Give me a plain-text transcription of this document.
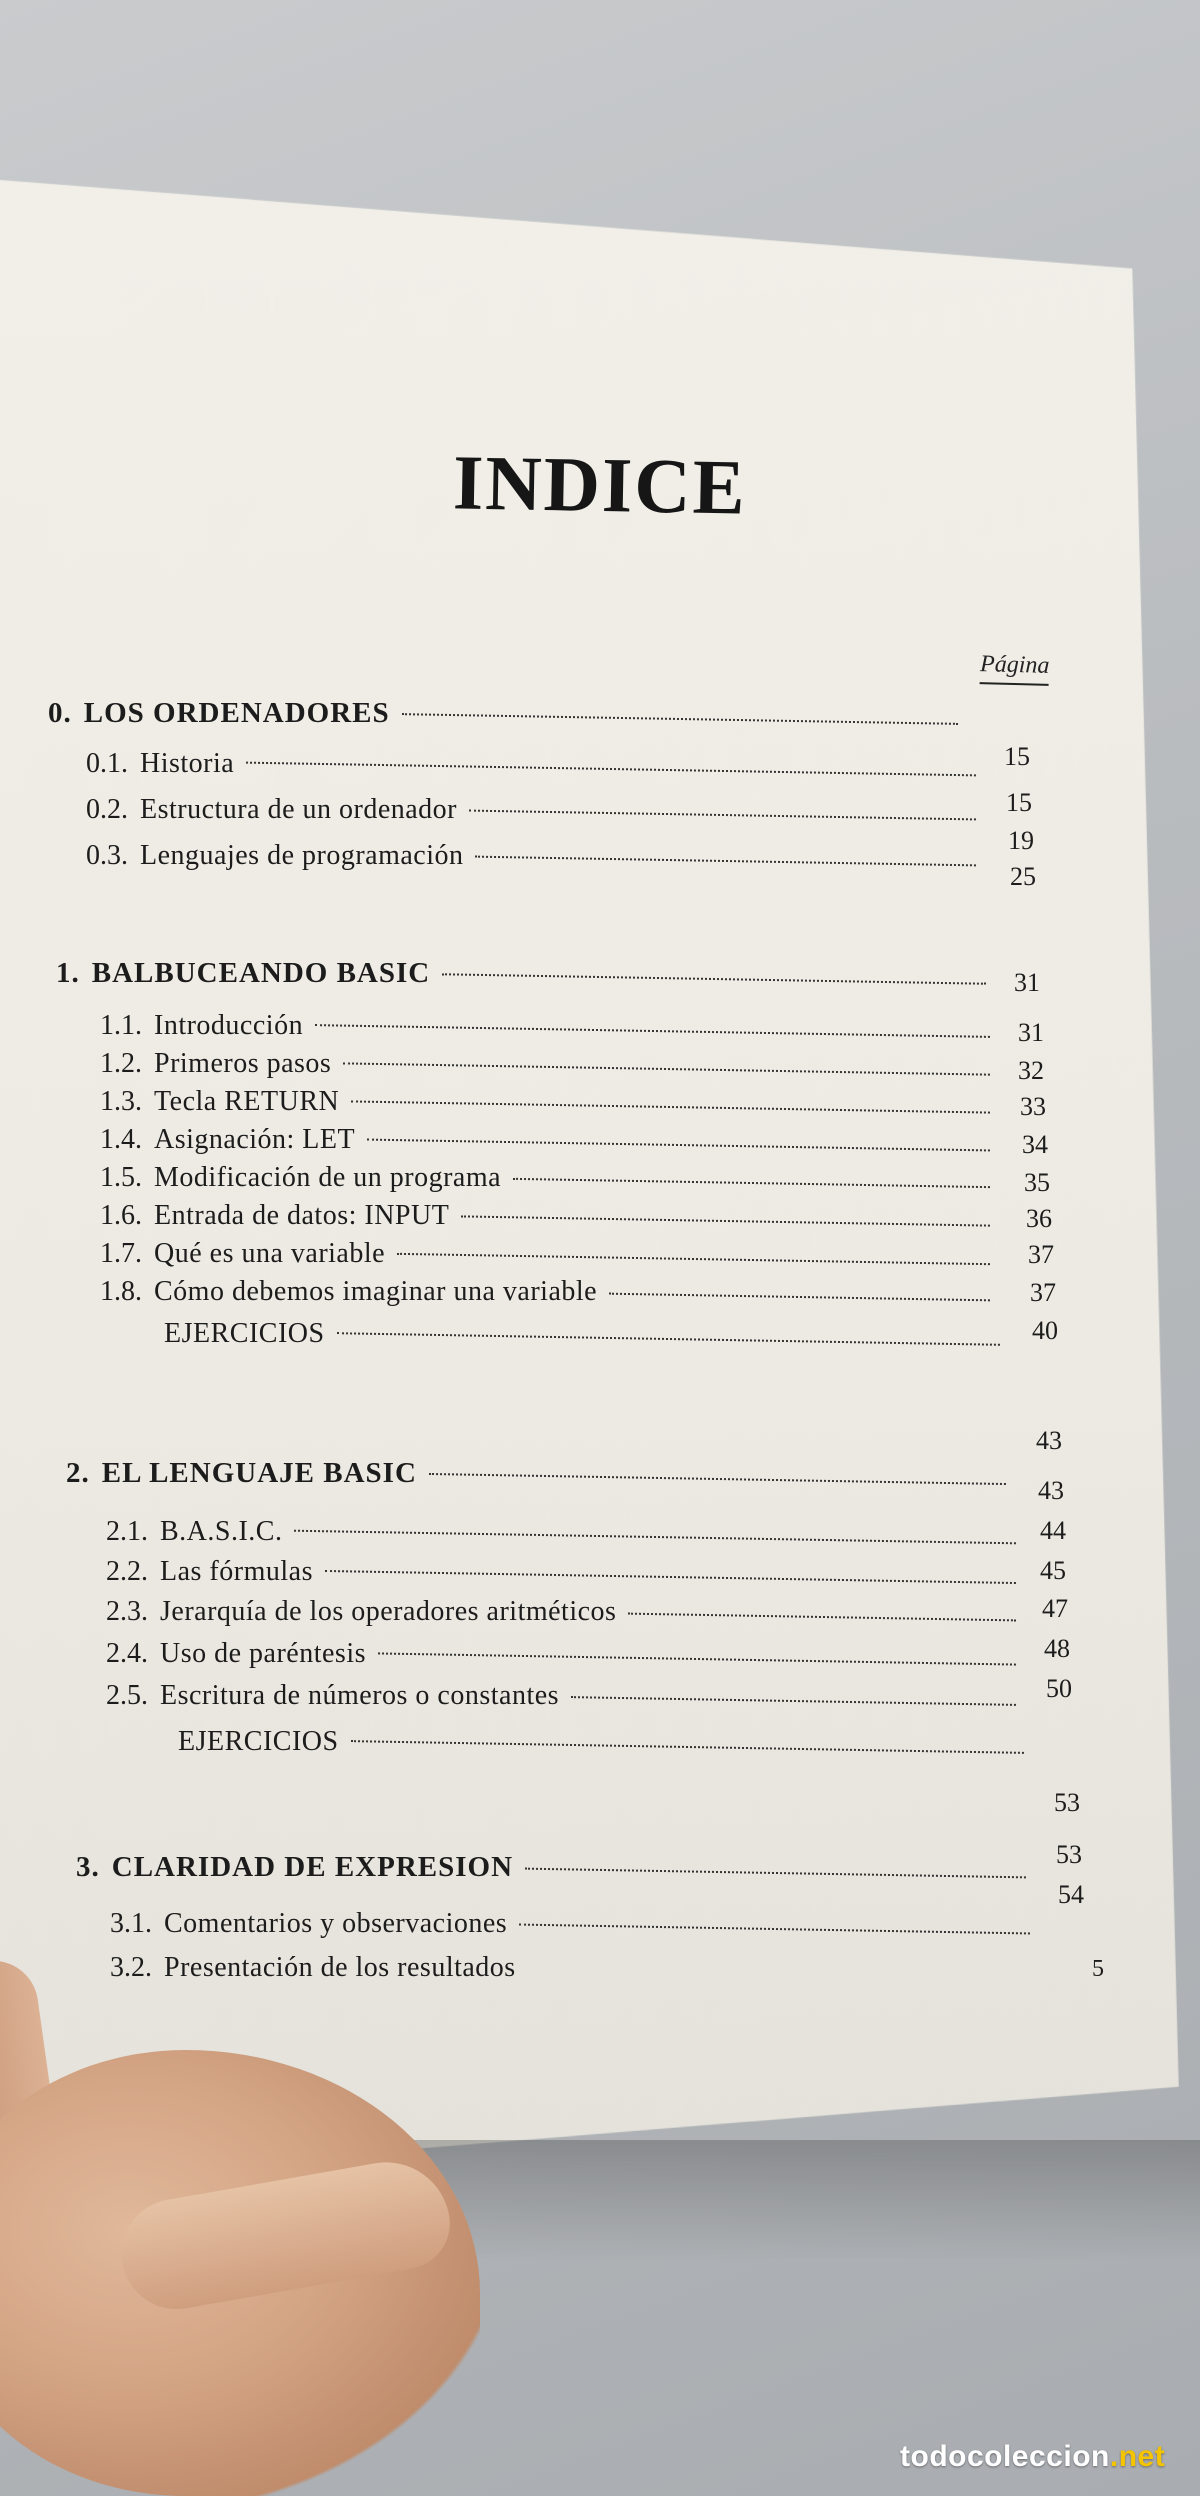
INDICE
Página
0. LOS ORDENADORES
0.1. Historia
0.2. Estructura de un ordenador
0.3. Lenguajes de programación
1. BALBUCEANDO BASIC
1.1. Introducción
1.2. Primeros pasos
1.3. Tecla RETURN
1.4. Asignación: LET
1.5. Modificación de un programa
1.6. Entrada de datos: INPUT
1.7. Qué es una variable
1.8. Cómo debemos imaginar una variable
EJERCICIOS
2. EL LENGUAJE BASIC
2.1. B.A.S.I.C.
2.2. Las fórmulas
2.3. Jerarquía de los operadores aritméticos
2.4. Uso de paréntesis
2.5. Escritura de números o constantes
EJERCICIOS
3. CLARIDAD DE EXPRESION
3.1. Comentarios y observaciones
3.2. Presentación de los resultados
15
15
19
25
31
31
32
33
34
35
36
37
37
40
43
43
44
45
47
48
50
53
53
54
5
todocoleccion.net
